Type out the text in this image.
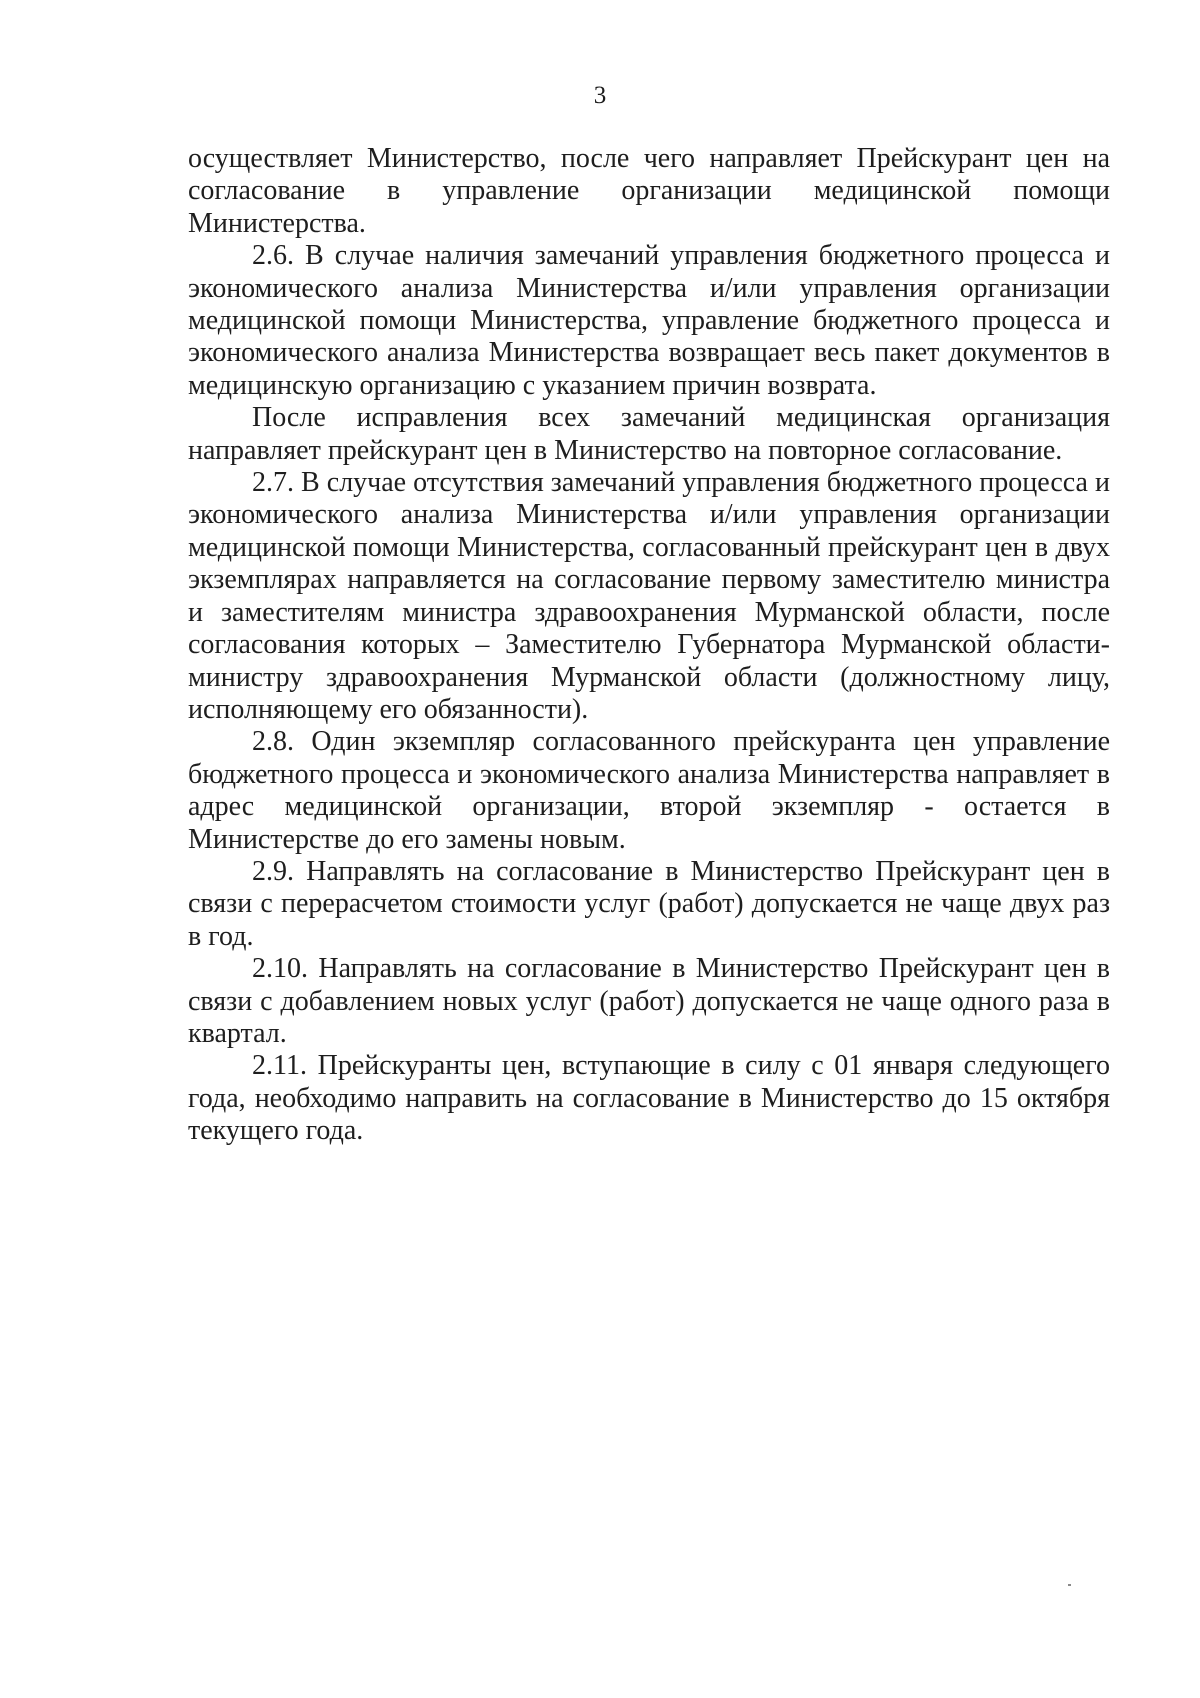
3

осуществляет Министерство, после чего направляет Прейскурант цен на согласование в управление организации медицинской помощи Министерства.

2.6. В случае наличия замечаний управления бюджетного процесса и экономического анализа Министерства и/или управления организации медицинской помощи Министерства, управление бюджетного процесса и экономического анализа Министерства возвращает весь пакет документов в медицинскую организацию с указанием причин возврата.

После исправления всех замечаний медицинская организация направляет прейскурант цен в Министерство на повторное согласование.

2.7. В случае отсутствия замечаний управления бюджетного процесса и экономического анализа Министерства и/или управления организации медицинской помощи Министерства, согласованный прейскурант цен в двух экземплярах направляется на согласование первому заместителю министра и заместителям министра здравоохранения Мурманской области, после согласования которых – Заместителю Губернатора Мурманской области-министру здравоохранения Мурманской области (должностному лицу, исполняющему его обязанности).

2.8. Один экземпляр согласованного прейскуранта цен управление бюджетного процесса и экономического анализа Министерства направляет в адрес медицинской организации, второй экземпляр - остается в Министерстве до его замены новым.

2.9. Направлять на согласование в Министерство Прейскурант цен в связи с перерасчетом стоимости услуг (работ) допускается не чаще двух раз в год.

2.10. Направлять на согласование в Министерство Прейскурант цен в связи с добавлением новых услуг (работ) допускается не чаще одного раза в квартал.

2.11. Прейскуранты цен, вступающие в силу с 01 января следующего года, необходимо направить на согласование в Министерство до 15 октября текущего года.
